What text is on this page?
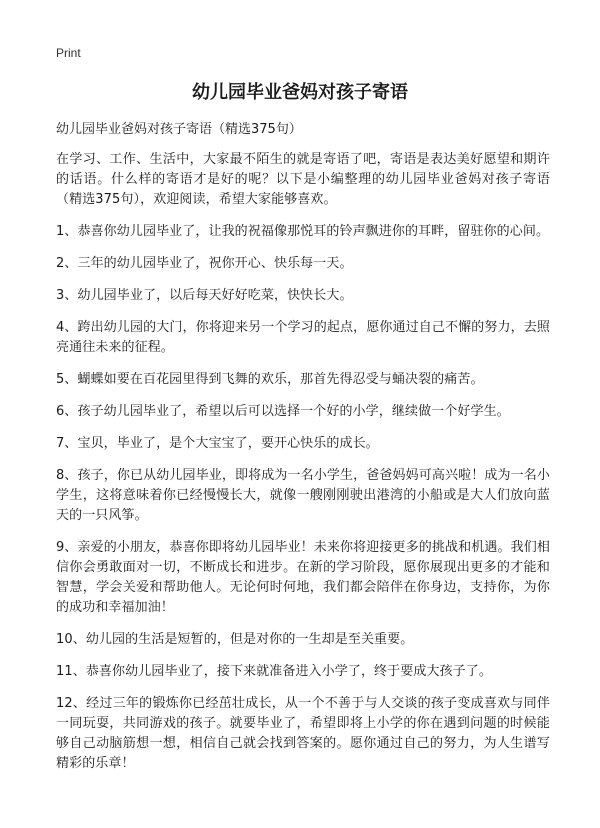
Print
幼儿园毕业爸妈对孩子寄语

幼儿园毕业爸妈对孩子寄语（精选375句）

在学习、工作、生活中，大家最不陌生的就是寄语了吧，寄语是表达美好愿望和期许的话语。什么样的寄语才是好的呢？以下是小编整理的幼儿园毕业爸妈对孩子寄语（精选375句），欢迎阅读，希望大家能够喜欢。

1、恭喜你幼儿园毕业了，让我的祝福像那悦耳的铃声飘进你的耳畔，留驻你的心间。

2、三年的幼儿园毕业了，祝你开心、快乐每一天。

3、幼儿园毕业了，以后每天好好吃菜，快快长大。

4、跨出幼儿园的大门，你将迎来另一个学习的起点，愿你通过自己不懈的努力，去照亮通往未来的征程。

5、蝴蝶如要在百花园里得到飞舞的欢乐，那首先得忍受与蛹决裂的痛苦。

6、孩子幼儿园毕业了，希望以后可以选择一个好的小学，继续做一个好学生。

7、宝贝，毕业了，是个大宝宝了，要开心快乐的成长。

8、孩子，你已从幼儿园毕业，即将成为一名小学生，爸爸妈妈可高兴啦！成为一名小学生，这将意味着你已经慢慢长大，就像一艘刚刚驶出港湾的小船或是大人们放向蓝天的一只风筝。

9、亲爱的小朋友，恭喜你即将幼儿园毕业！未来你将迎接更多的挑战和机遇。我们相信你会勇敢面对一切，不断成长和进步。在新的学习阶段，愿你展现出更多的才能和智慧，学会关爱和帮助他人。无论何时何地，我们都会陪伴在你身边，支持你，为你的成功和幸福加油！

10、幼儿园的生活是短暂的，但是对你的一生却是至关重要。

11、恭喜你幼儿园毕业了，接下来就准备进入小学了，终于要成大孩子了。

12、经过三年的锻炼你已经茁壮成长，从一个不善于与人交谈的孩子变成喜欢与同伴一同玩耍，共同游戏的孩子。就要毕业了，希望即将上小学的你在遇到问题的时候能够自己动脑筋想一想，相信自己就会找到答案的。愿你通过自己的努力，为人生谱写精彩的乐章！
